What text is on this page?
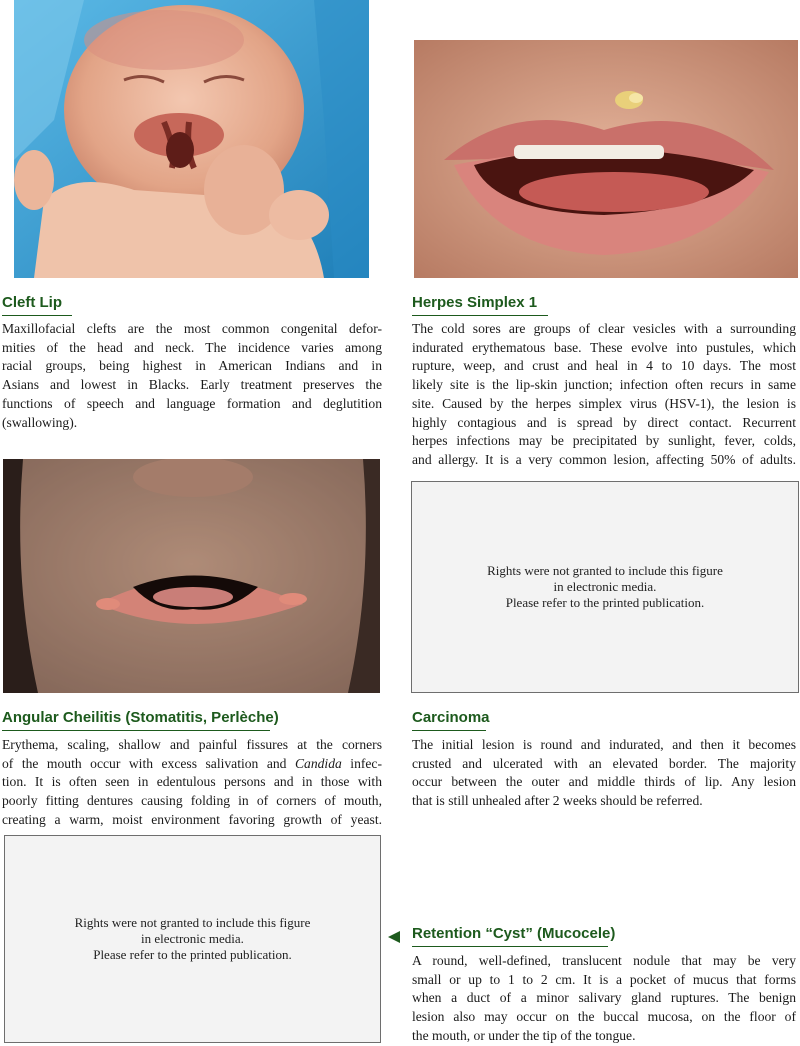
Cleft Lip
Maxillofacial clefts are the most common congenital defor-
mities of the head and neck. The incidence varies among
racial groups, being highest in American Indians and in
Asians and lowest in Blacks. Early treatment preserves the
functions of speech and language formation and deglutition
(swallowing).
Herpes Simplex 1
The cold sores are groups of clear vesicles with a surrounding
indurated erythematous base. These evolve into pustules, which
rupture, weep, and crust and heal in 4 to 10 days. The most
likely site is the lip-skin junction; infection often recurs in same
site. Caused by the herpes simplex virus (HSV-1), the lesion is
highly contagious and is spread by direct contact. Recurrent
herpes infections may be precipitated by sunlight, fever, colds,
and allergy. It is a very common lesion, affecting 50% of adults.
Rights were not granted to include this figure
in electronic media.
Please refer to the printed publication.
Angular Cheilitis (Stomatitis, Perlèche)
Erythema, scaling, shallow and painful fissures at the corners
of the mouth occur with excess salivation and Candida infec-
tion. It is often seen in edentulous persons and in those with
poorly fitting dentures causing folding in of corners of mouth,
creating a warm, moist environment favoring growth of yeast.
Carcinoma
The initial lesion is round and indurated, and then it becomes
crusted and ulcerated with an elevated border. The majority
occur between the outer and middle thirds of lip. Any lesion
that is still unhealed after 2 weeks should be referred.
Rights were not granted to include this figure
in electronic media.
Please refer to the printed publication.
Retention “Cyst” (Mucocele)
A round, well-defined, translucent nodule that may be very
small or up to 1 to 2 cm. It is a pocket of mucus that forms
when a duct of a minor salivary gland ruptures. The benign
lesion also may occur on the buccal mucosa, on the floor of
the mouth, or under the tip of the tongue.
